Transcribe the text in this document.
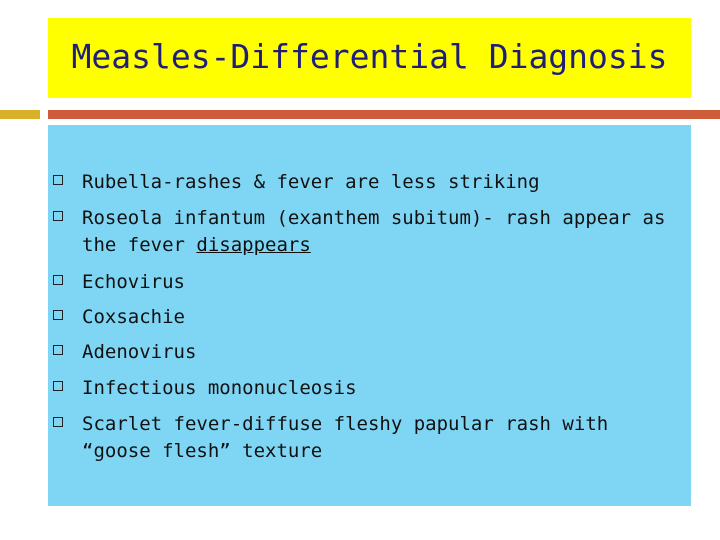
Measles-Differential Diagnosis
Rubella-rashes & fever are less striking
Roseola infantum (exanthem subitum)- rash appear as the fever disappears
Echovirus
Coxsachie
Adenovirus
Infectious mononucleosis
Scarlet fever-diffuse fleshy papular rash with “goose flesh” texture
